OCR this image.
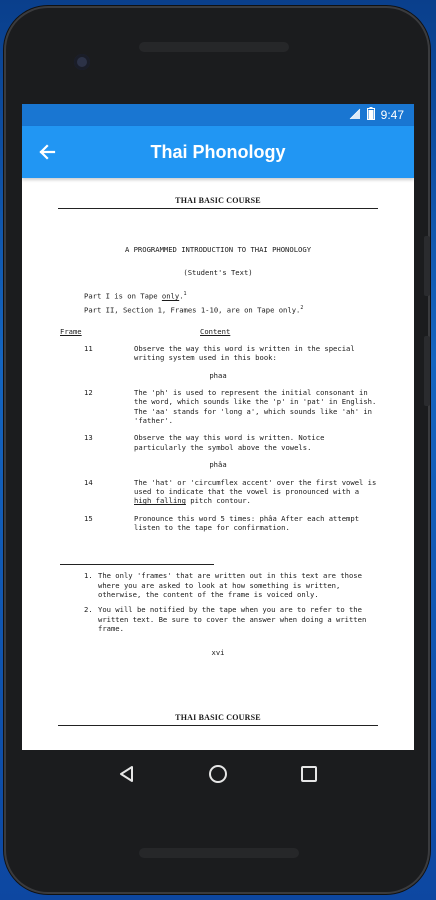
9:47
Thai Phonology
THAI BASIC COURSE
A PROGRAMMED INTRODUCTION TO THAI PHONOLOGY
(Student's Text)
Part I is on Tape only.$^1$
Part II, Section 1, Frames 1-10, are on Tape only.$^2$
Frame	Content
11	Observe the way this word is written in the special writing system used in this book:
phaa
12	The 'ph' is used to represent the initial consonant in the word, which sounds like the 'p' in 'pat' in English. The 'aa' stands for 'long a', which sounds like 'ah' in 'father'.
13	Observe the way this word is written. Notice particularly the symbol above the vowels.
phâa
14	The 'hat' or 'circumflex accent' over the first vowel is used to indicate that the vowel is pronounced with a high falling pitch contour.
15	Pronounce this word 5 times: phâa After each attempt listen to the tape for confirmation.
1. The only 'frames' that are written out in this text are those where you are asked to look at how something is written, otherwise, the content of the frame is voiced only.
2. You will be notified by the tape when you are to refer to the written text. Be sure to cover the answer when doing a written frame.
xvi
THAI BASIC COURSE
